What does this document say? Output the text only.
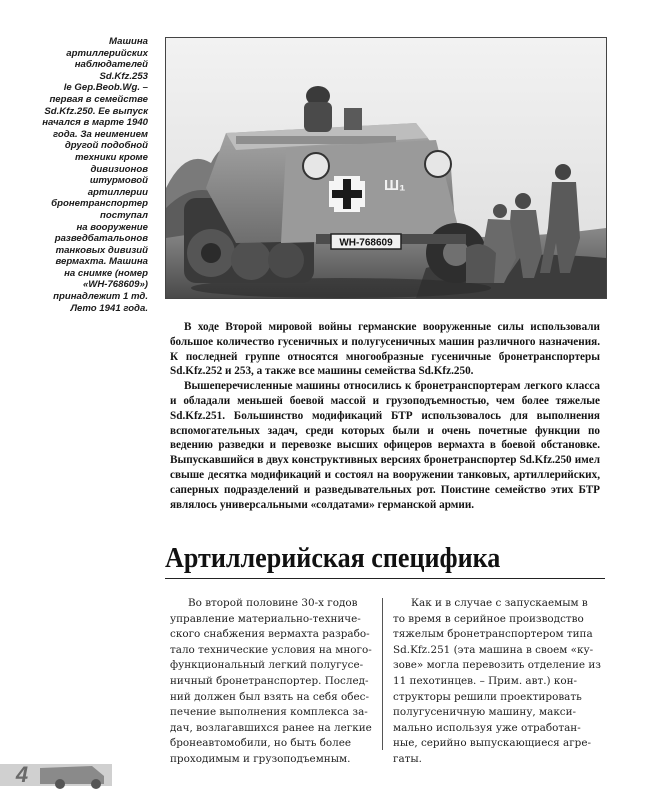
Машина
артиллерийских
наблюдателей
Sd.Kfz.253
le Gep.Beob.Wg. –
первая в семействе
Sd.Kfz.250. Ее выпуск
начался в марте 1940
года. За неимением
другой подобной
техники кроме
дивизионов
штурмовой
артиллерии
бронетранспортер
поступал
на вооружение
разведбатальонов
танковых дивизий
вермахта. Машина
на снимке (номер
«WH-768609»)
принадлежит 1 тд.
Лето 1941 года.
Ш₁
WH-768609

В ходе Второй мировой войны германские вооруженные силы использовали большое количество гусеничных и полугусеничных машин различного назначения. К последней группе относятся многообразные гусеничные бронетранспортеры Sd.Kfz.252 и 253, а также все машины семейства Sd.Kfz.250.

Вышеперечисленные машины относились к бронетранспортерам легкого класса и обладали меньшей боевой массой и грузоподъемностью, чем более тяжелые Sd.Kfz.251. Большинство модификаций БТР использовалось для выполнения вспомогательных задач, среди которых были и очень почетные функции по ведению разведки и перевозке высших офицеров вермахта в боевой обстановке. Выпускавшийся в двух конструктивных версиях бронетранспортер Sd.Kfz.250 имел свыше десятка модификаций и состоял на вооружении танковых, артиллерийских, саперных подразделений и разведывательных рот. Поистине семейство этих БТР являлось универсальными «солдатами» германской армии.

Артиллерийская специфика
Во второй половине 30-х годов
управление материально-техниче-
ского снабжения вермахта разрабо-
тало технические условия на много-
функциональный легкий полугусе-
ничный бронетранспортер. Послед-
ний должен был взять на себя обес-
печение выполнения комплекса за-
дач, возлагавшихся ранее на легкие
бронеавтомобили, но быть более
проходимым и грузоподъемным.
Как и в случае с запускаемым в
то время в серийное производство
тяжелым бронетранспортером типа
Sd.Kfz.251 (эта машина в своем «ку-
зове» могла перевозить отделение из
11 пехотинцев. – Прим. авт.) кон-
структоры решили проектировать
полугусеничную машину, макси-
мально используя уже отработан-
ные, серийно выпускающиеся агре-
гаты.
4
